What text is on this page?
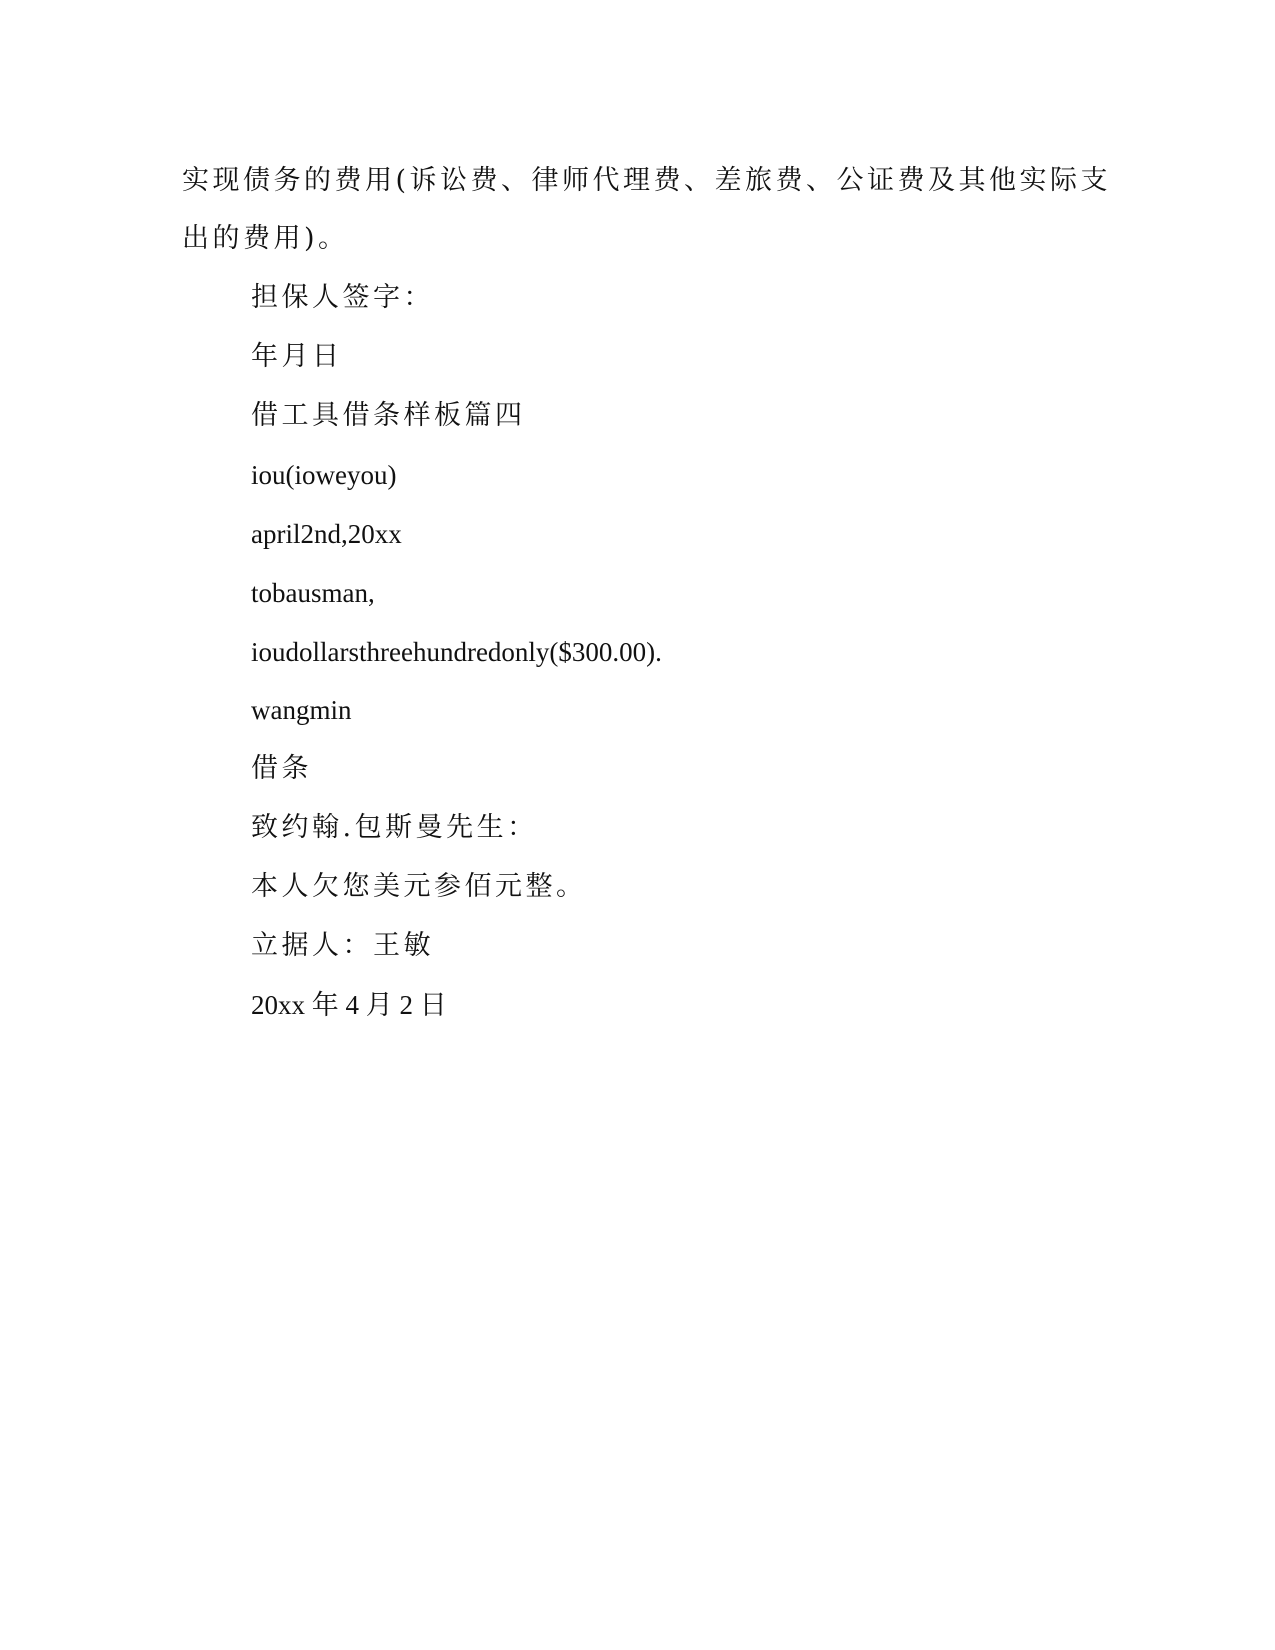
实现债务的费用(诉讼费、律师代理费、差旅费、公证费及其他实际支

出的费用)。

担保人签字：

年月日

借工具借条样板篇四

iou(ioweyou)

april2nd,20xx

tobausman,

ioudollarsthreehundredonly($300.00).

wangmin

借条

致约翰.包斯曼先生：

本人欠您美元参佰元整。

立据人：王敏

20xx 年 4 月 2 日
